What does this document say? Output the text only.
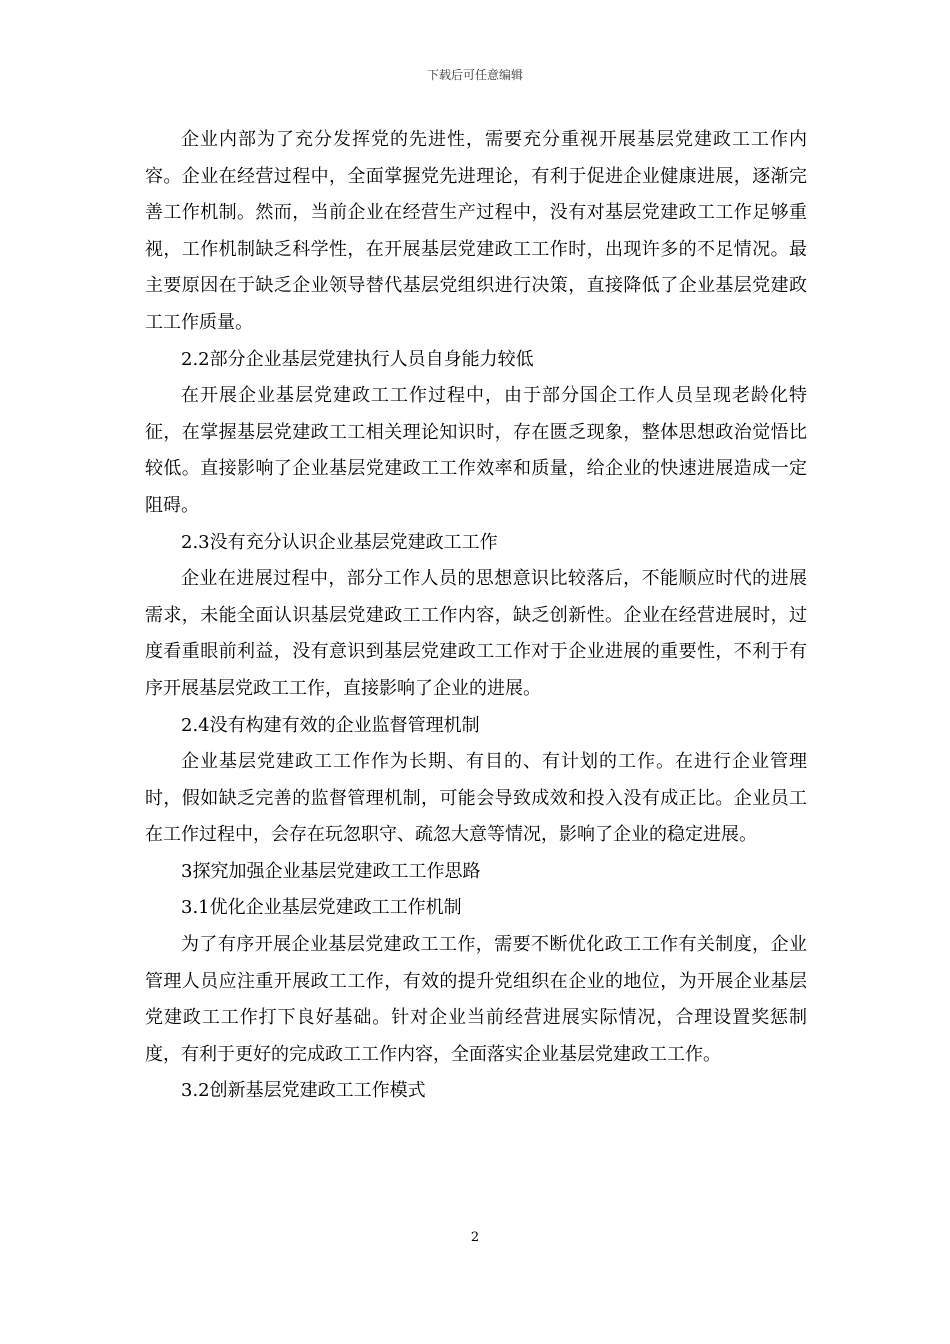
下载后可任意编辑

企业内部为了充分发挥党的先进性，需要充分重视开展基层党建政工工作内容。企业在经营过程中，全面掌握党先进理论，有利于促进企业健康进展，逐渐完善工作机制。然而，当前企业在经营生产过程中，没有对基层党建政工工作足够重视，工作机制缺乏科学性，在开展基层党建政工工作时，出现许多的不足情况。最主要原因在于缺乏企业领导替代基层党组织进行决策，直接降低了企业基层党建政工工作质量。

2.2部分企业基层党建执行人员自身能力较低

在开展企业基层党建政工工作过程中，由于部分国企工作人员呈现老龄化特征，在掌握基层党建政工工相关理论知识时，存在匮乏现象，整体思想政治觉悟比较低。直接影响了企业基层党建政工工作效率和质量，给企业的快速进展造成一定阻碍。

2.3没有充分认识企业基层党建政工工作

企业在进展过程中，部分工作人员的思想意识比较落后，不能顺应时代的进展需求，未能全面认识基层党建政工工作内容，缺乏创新性。企业在经营进展时，过度看重眼前利益，没有意识到基层党建政工工作对于企业进展的重要性，不利于有序开展基层党政工工作，直接影响了企业的进展。

2.4没有构建有效的企业监督管理机制

企业基层党建政工工作作为长期、有目的、有计划的工作。在进行企业管理时，假如缺乏完善的监督管理机制，可能会导致成效和投入没有成正比。企业员工在工作过程中，会存在玩忽职守、疏忽大意等情况，影响了企业的稳定进展。

3探究加强企业基层党建政工工作思路

3.1优化企业基层党建政工工作机制

为了有序开展企业基层党建政工工作，需要不断优化政工工作有关制度，企业管理人员应注重开展政工工作，有效的提升党组织在企业的地位，为开展企业基层党建政工工作打下良好基础。针对企业当前经营进展实际情况，合理设置奖惩制度，有利于更好的完成政工工作内容，全面落实企业基层党建政工工作。

3.2创新基层党建政工工作模式

2
